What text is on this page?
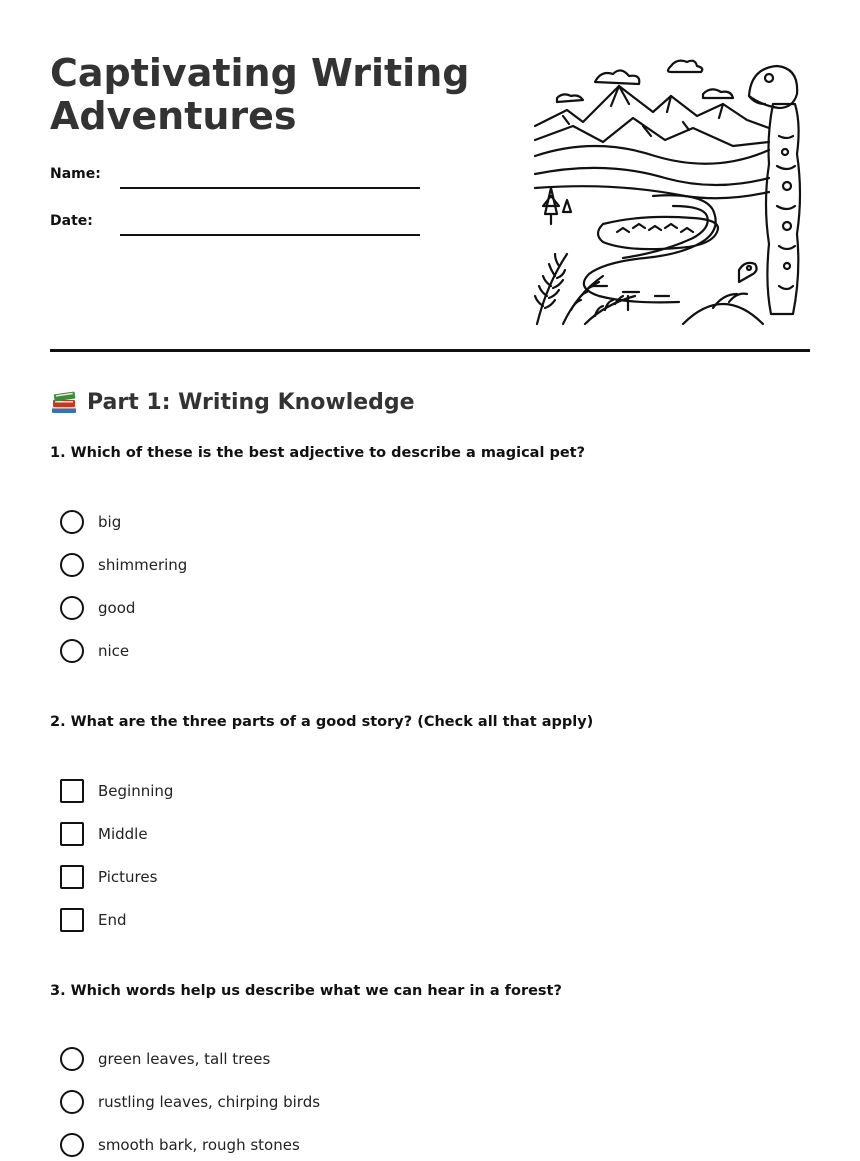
Captivating Writing
Adventures
Name:
Date:
Part 1: Writing Knowledge

1. Which of these is the best adjective to describe a magical pet?

big
shimmering
good
nice

2. What are the three parts of a good story? (Check all that apply)

Beginning
Middle
Pictures
End

3. Which words help us describe what we can hear in a forest?

green leaves, tall trees
rustling leaves, chirping birds
smooth bark, rough stones
